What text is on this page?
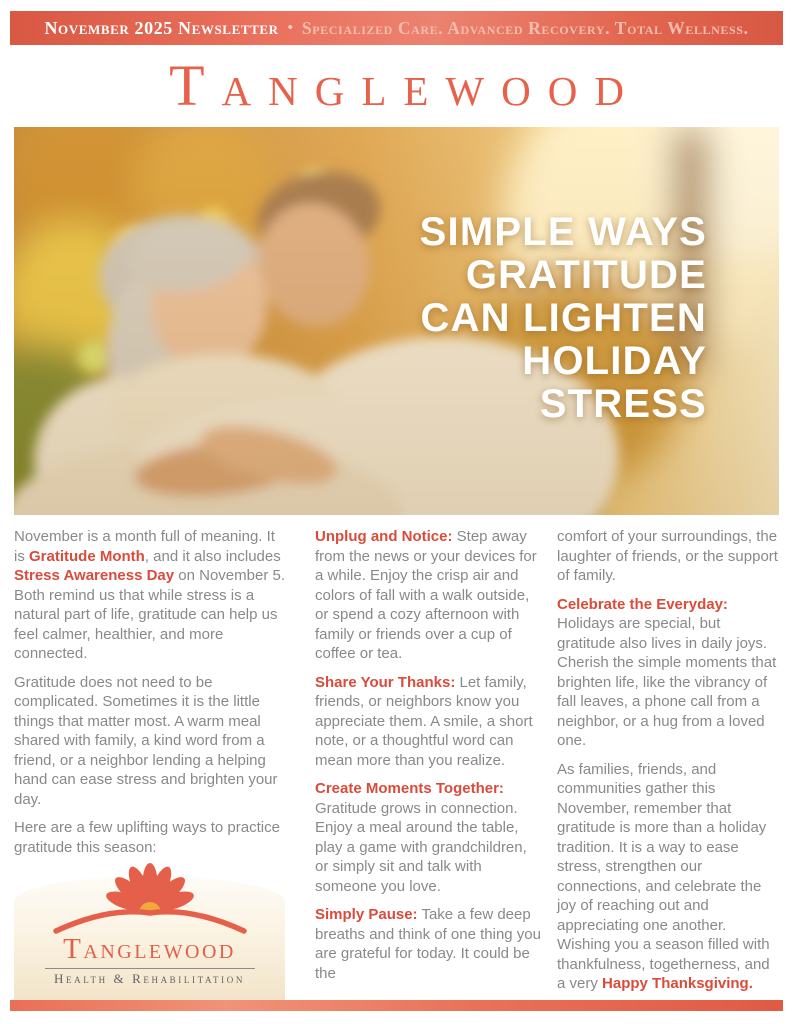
November 2025 Newsletter • Specialized Care. Advanced Recovery. Total Wellness.
Tanglewood
SIMPLE WAYS
GRATITUDE
CAN LIGHTEN
HOLIDAY
STRESS

November is a month full of meaning. It is Gratitude Month, and it also includes Stress Awareness Day on November 5. Both remind us that while stress is a natural part of life, gratitude can help us feel calmer, healthier, and more connected.

Gratitude does not need to be complicated. Sometimes it is the little things that matter most. A warm meal shared with family, a kind word from a friend, or a neighbor lending a helping hand can ease stress and brighten your day.

Here are a few uplifting ways to practice gratitude this season:

Tanglewood
Health & Rehabilitation

Unplug and Notice: Step away from the news or your devices for a while. Enjoy the crisp air and colors of fall with a walk outside, or spend a cozy afternoon with family or friends over a cup of coffee or tea.

Share Your Thanks: Let family, friends, or neighbors know you appreciate them. A smile, a short note, or a thoughtful word can mean more than you realize.

Create Moments Together: Gratitude grows in connection. Enjoy a meal around the table, play a game with grandchildren, or simply sit and talk with someone you love.

Simply Pause: Take a few deep breaths and think of one thing you are grateful for today. It could be the

comfort of your surroundings, the laughter of friends, or the support of family.

Celebrate the Everyday: Holidays are special, but gratitude also lives in daily joys. Cherish the simple moments that brighten life, like the vibrancy of fall leaves, a phone call from a neighbor, or a hug from a loved one.

As families, friends, and communities gather this November, remember that gratitude is more than a holiday tradition. It is a way to ease stress, strengthen our connections, and celebrate the joy of reaching out and appreciating one another. Wishing you a season filled with thankfulness, togetherness, and a very Happy Thanksgiving.
